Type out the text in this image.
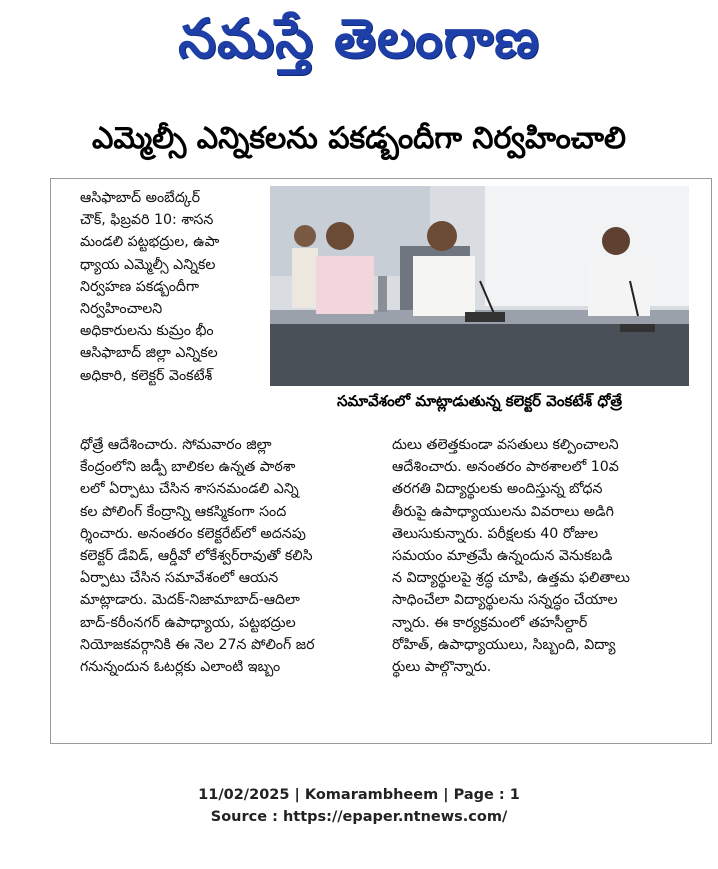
నమస్తే తెలంగాణ
ఎమ్మెల్సీ ఎన్నికలను పకడ్బందీగా నిర్వహించాలి
సమావేశంలో మాట్లాడుతున్న కలెక్టర్‌ వెంకటేశ్‌ ధోత్రే
ఆసిఫాబాద్‌ అంబేద్కర్‌
చౌక్‌, ఫిబ్రవరి 10: శాసన
మండలి పట్టభద్రుల, ఉపా
ధ్యాయ ఎమ్మెల్సీ ఎన్నికల
నిర్వహణ పకడ్బందీగా
నిర్వహించాలని
అధికారులను కుమ్రం భీం
ఆసిఫాబాద్‌ జిల్లా ఎన్నికల
అధికారి, కలెక్టర్‌ వెంకటేశ్‌
ధోత్రే ఆదేశించారు. సోమవారం జిల్లా
కేంద్రంలోని జడ్పీ బాలికల ఉన్నత పాఠశా
లలో ఏర్పాటు చేసిన శాసనమండలి ఎన్ని
కల పోలింగ్‌ కేంద్రాన్ని ఆకస్మికంగా సంద
ర్శించారు. అనంతరం కలెక్టరేట్‌లో అదనపు
కలెక్టర్‌ డేవిడ్‌, ఆర్డీవో లోకేశ్వర్‌రావుతో కలిసి
ఏర్పాటు చేసిన సమావేశంలో ఆయన
మాట్లాడారు. మెదక్‌-నిజామాబాద్‌-ఆదిలా
బాద్‌-కరీంనగర్‌ ఉపాధ్యాయ, పట్టభద్రుల
నియోజకవర్గానికి ఈ నెల 27న పోలింగ్‌ జర
గనున్నందున ఓటర్లకు ఎలాంటి ఇబ్బం
దులు తలెత్తకుండా వసతులు కల్పించాలని
ఆదేశించారు. అనంతరం పాఠశాలలో 10వ
తరగతి విద్యార్థులకు అందిస్తున్న బోధన
తీరుపై ఉపాధ్యాయులను వివరాలు అడిగి
తెలుసుకున్నారు. పరీక్షలకు 40 రోజుల
సమయం మాత్రమే ఉన్నందున వెనుకబడి
న విద్యార్థులపై శ్రద్ధ చూపి, ఉత్తమ ఫలితాలు
సాధించేలా విద్యార్థులను సన్నద్ధం చేయాల
న్నారు. ఈ కార్యక్రమంలో తహసీల్దార్‌
రోహిత్‌, ఉపాధ్యాయులు, సిబ్బంది, విద్యా
ర్థులు పాల్గొన్నారు.
11/02/2025 | Komarambheem | Page : 1
Source : https://epaper.ntnews.com/
